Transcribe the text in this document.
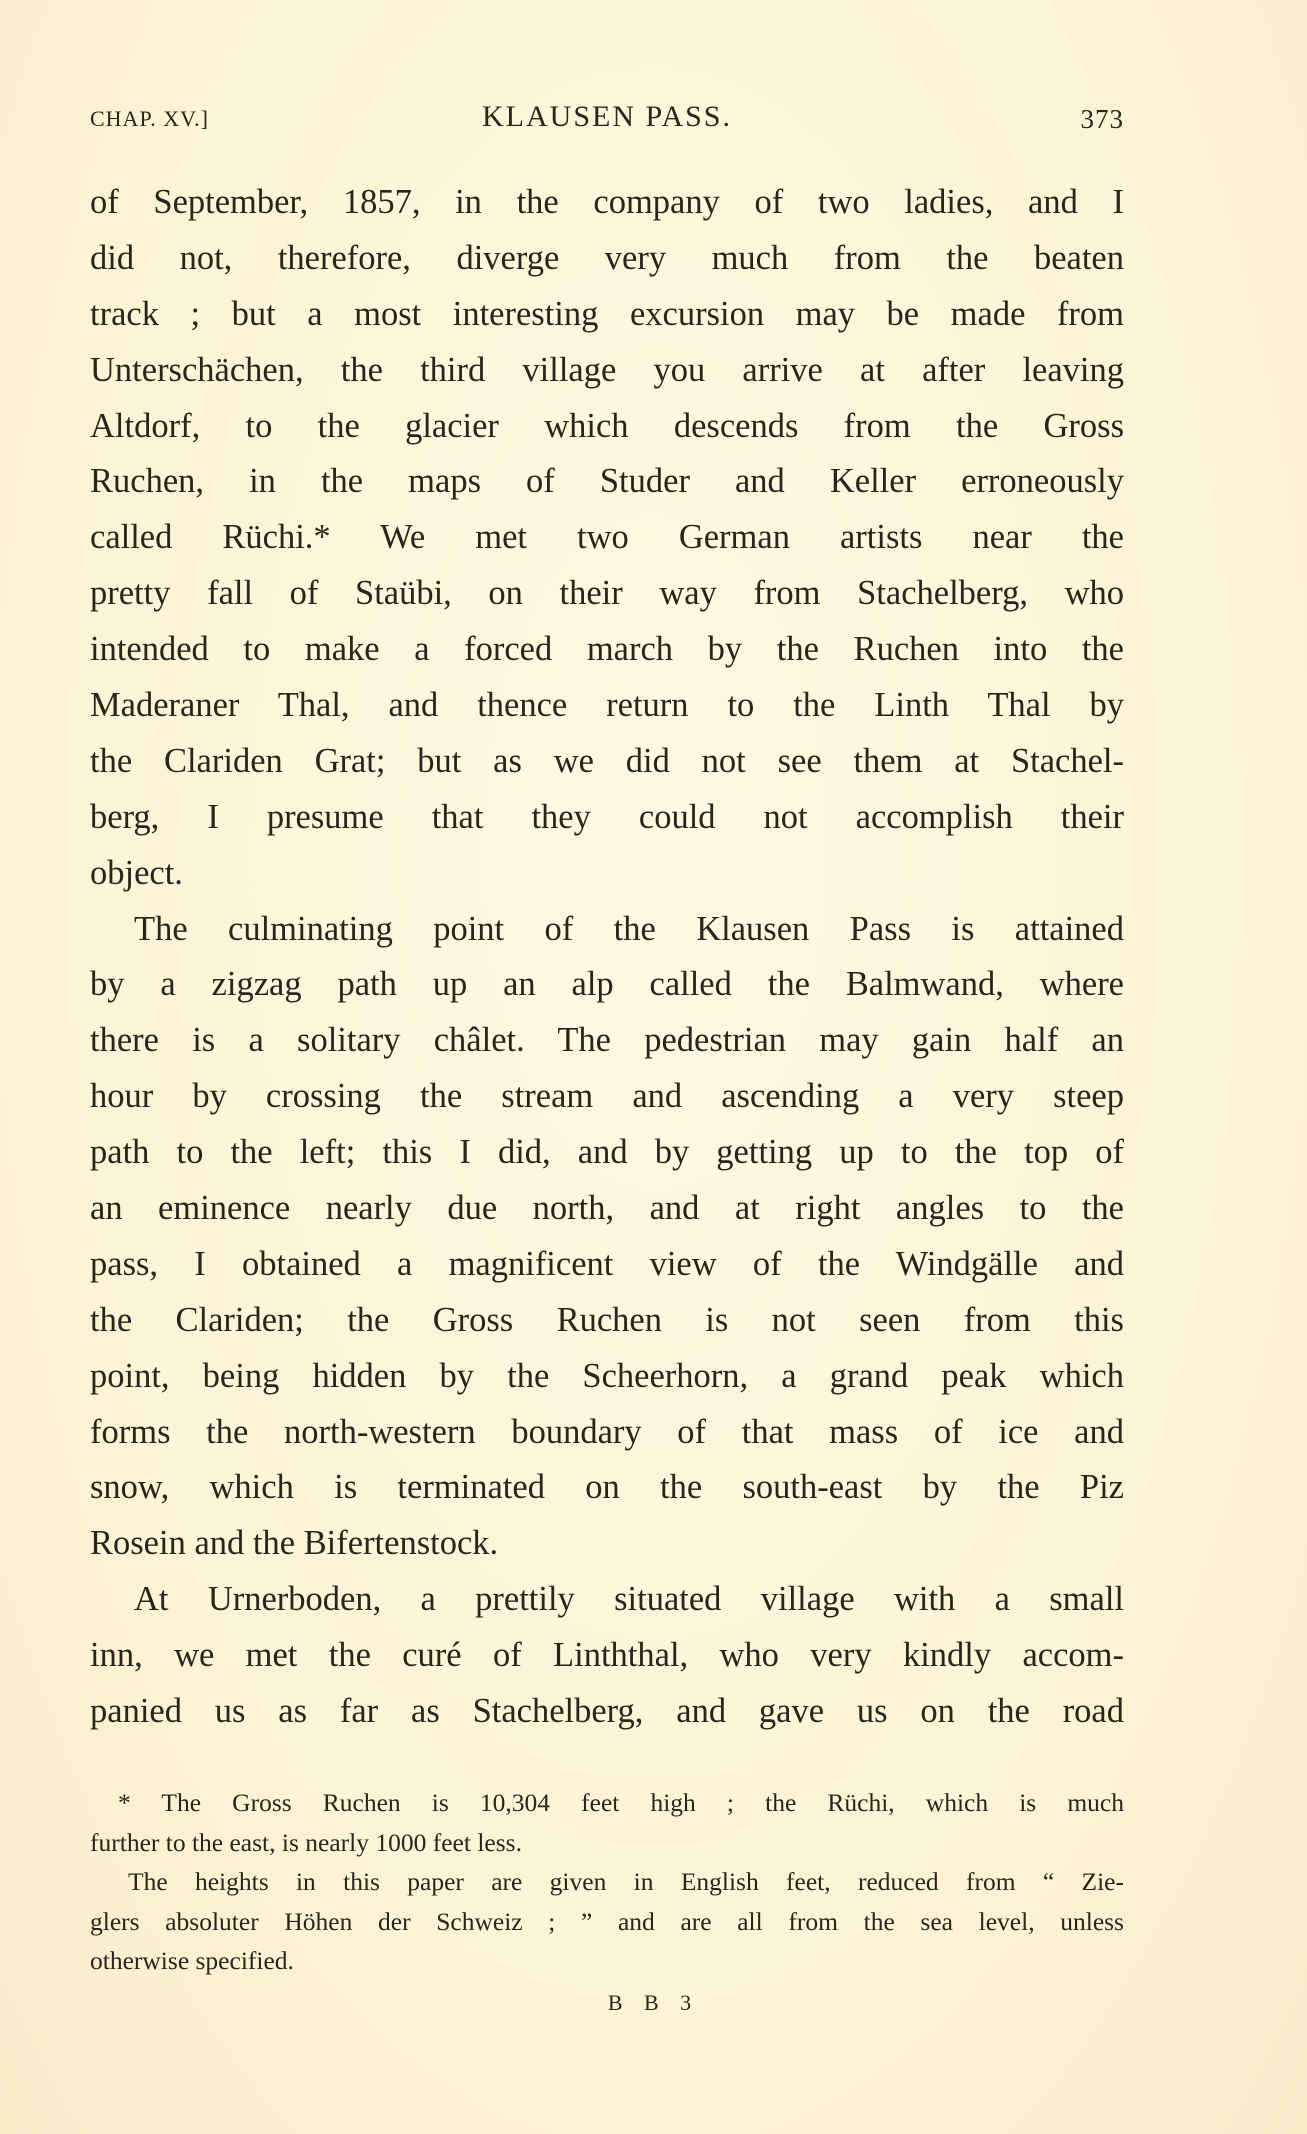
CHAP. XV.]	KLAUSEN PASS.	373
of September, 1857, in the company of two ladies, and I
did not, therefore, diverge very much from the beaten
track ; but a most interesting excursion may be made from
Unterschächen, the third village you arrive at after leaving
Altdorf, to the glacier which descends from the Gross
Ruchen, in the maps of Studer and Keller erroneously
called Rüchi.* We met two German artists near the
pretty fall of Staübi, on their way from Stachelberg, who
intended to make a forced march by the Ruchen into the
Maderaner Thal, and thence return to the Linth Thal by
the Clariden Grat; but as we did not see them at Stachel-
berg, I presume that they could not accomplish their
object.
The culminating point of the Klausen Pass is attained
by a zigzag path up an alp called the Balmwand, where
there is a solitary châlet. The pedestrian may gain half an
hour by crossing the stream and ascending a very steep
path to the left; this I did, and by getting up to the top of
an eminence nearly due north, and at right angles to the
pass, I obtained a magnificent view of the Windgälle and
the Clariden; the Gross Ruchen is not seen from this
point, being hidden by the Scheerhorn, a grand peak which
forms the north-western boundary of that mass of ice and
snow, which is terminated on the south-east by the Piz
Rosein and the Bifertenstock.
At Urnerboden, a prettily situated village with a small
inn, we met the curé of Linththal, who very kindly accom-
panied us as far as Stachelberg, and gave us on the road
* The Gross Ruchen is 10,304 feet high ; the Rüchi, which is much
further to the east, is nearly 1000 feet less.
The heights in this paper are given in English feet, reduced from “ Zie-
glers absoluter Höhen der Schweiz ; ” and are all from the sea level, unless
otherwise specified.
B B 3
